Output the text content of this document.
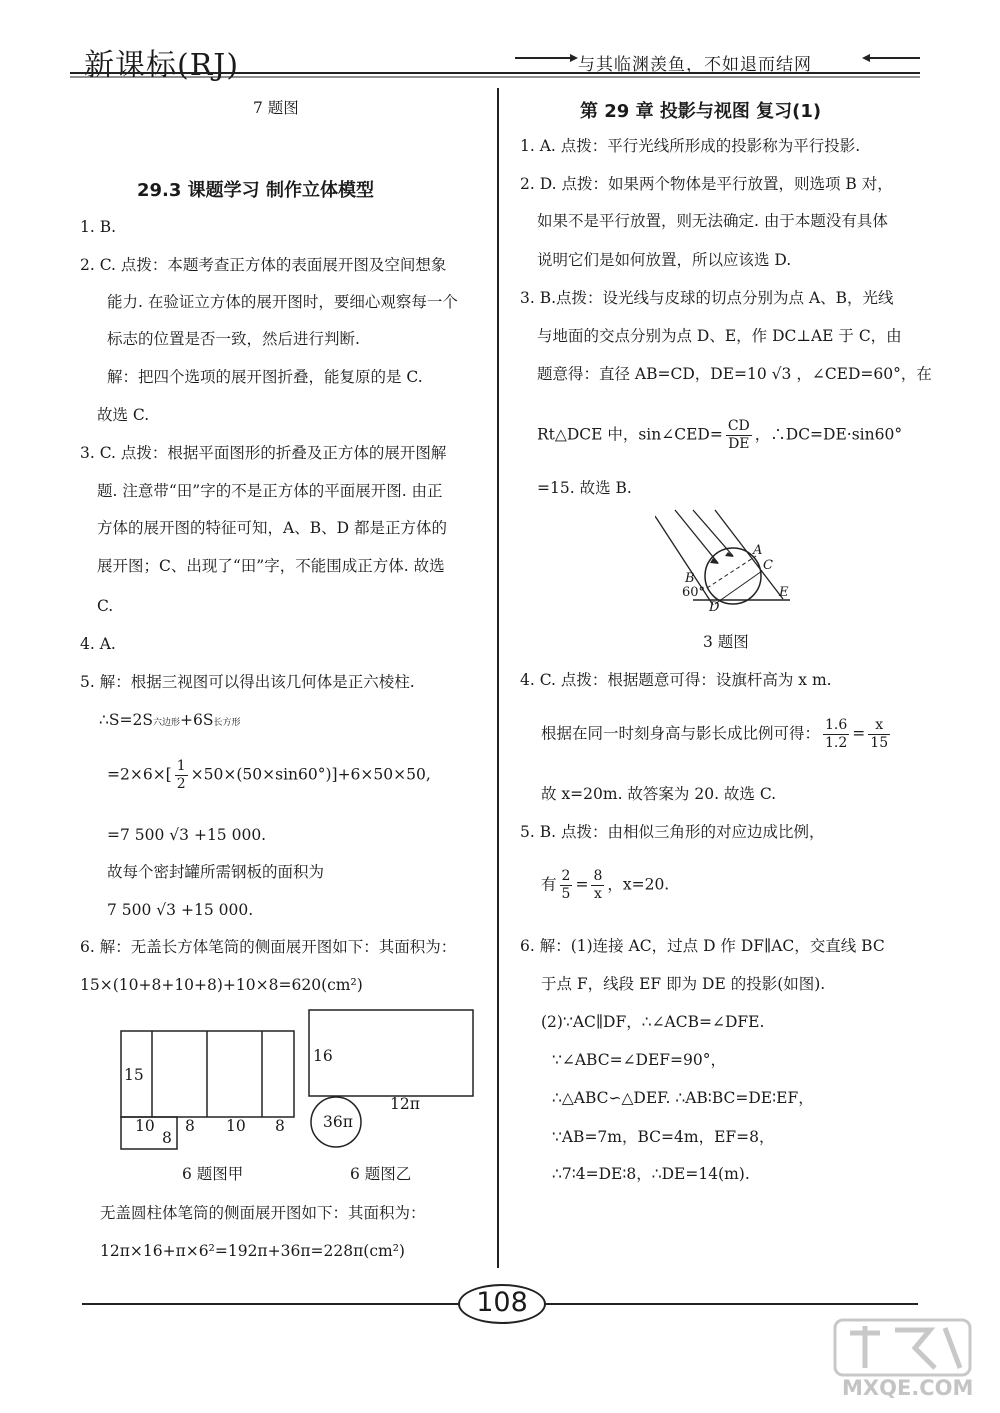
新课标(RJ)	与其临渊羡鱼，不如退而结网
7 题图
29.3 课题学习 制作立体模型
1. B.
2. C. 点拨：本题考查正方体的表面展开图及空间想象
能力. 在验证立方体的展开图时，要细心观察每一个
标志的位置是否一致，然后进行判断.
解：把四个选项的展开图折叠，能复原的是 C.
故选 C.
3. C. 点拨：根据平面图形的折叠及正方体的展开图解
题. 注意带“田”字的不是正方体的平面展开图. 由正
方体的展开图的特征可知，A、B、D 都是正方体的
展开图；C、出现了“田”字，不能围成正方体. 故选
C.
4. A.
5. 解：根据三视图可以得出该几何体是正六棱柱.
∴S=2S六边形+6S长方形
$=2\times 6\times[ \frac{1}{2} \times 50\times(50\times\sin 60^\circ)]+6\times 50\times 50$,
=7 500 √3 +15 000.
故每个密封罐所需钢板的面积为
7 500 √3 +15 000.
6. 解：无盖长方体笔筒的侧面展开图如下：其面积为：
15×(10+8+10+8)+10×8=620(cm²)
15
10
8
8 10 8
16
12π
36π
6 题图甲	6 题图乙
无盖圆柱体笔筒的侧面展开图如下：其面积为：
12π×16+π×6²=192π+36π=228π(cm²)
第 29 章 投影与视图 复习(1)
1. A. 点拨：平行光线所形成的投影称为平行投影.
2. D. 点拨：如果两个物体是平行放置，则选项 B 对，
如果不是平行放置，则无法确定. 由于本题没有具体
说明它们是如何放置，所以应该选 D.
3. B.点拨：设光线与皮球的切点分别为点 A、B，光线
与地面的交点分别为点 D、E，作 DC⊥AE 于 C，由
题意得：直径 AB=CD，DE=10 √3 ，∠CED=60°，在
Rt△DCE 中，sin∠CED= $\frac{CD}{DE}$ ，∴DC=DE·sin60°
=15. 故选 B.
A
C
B
60°
D
E
3 题图
4. C. 点拨：根据题意可得：设旗杆高为 x m.
根据在同一时刻身高与影长成比例可得： $\frac{1.6}{1.2} = \frac{x}{15}$
故 x=20m. 故答案为 20. 故选 C.
5. B. 点拨：由相似三角形的对应边成比例，
有 $\frac{2}{5} = \frac{8}{x}$ ，x=20.
6. 解：(1)连接 AC，过点 D 作 DF∥AC，交直线 BC
于点 F，线段 EF 即为 DE 的投影(如图).
(2)∵AC∥DF，∴∠ACB=∠DFE.
∵∠ABC=∠DEF=90°，
∴△ABC∽△DEF. ∴AB∶BC=DE∶EF，
∵AB=7m，BC=4m，EF=8，
∴7∶4=DE∶8，∴DE=14(m).
108
MXQE.COM
